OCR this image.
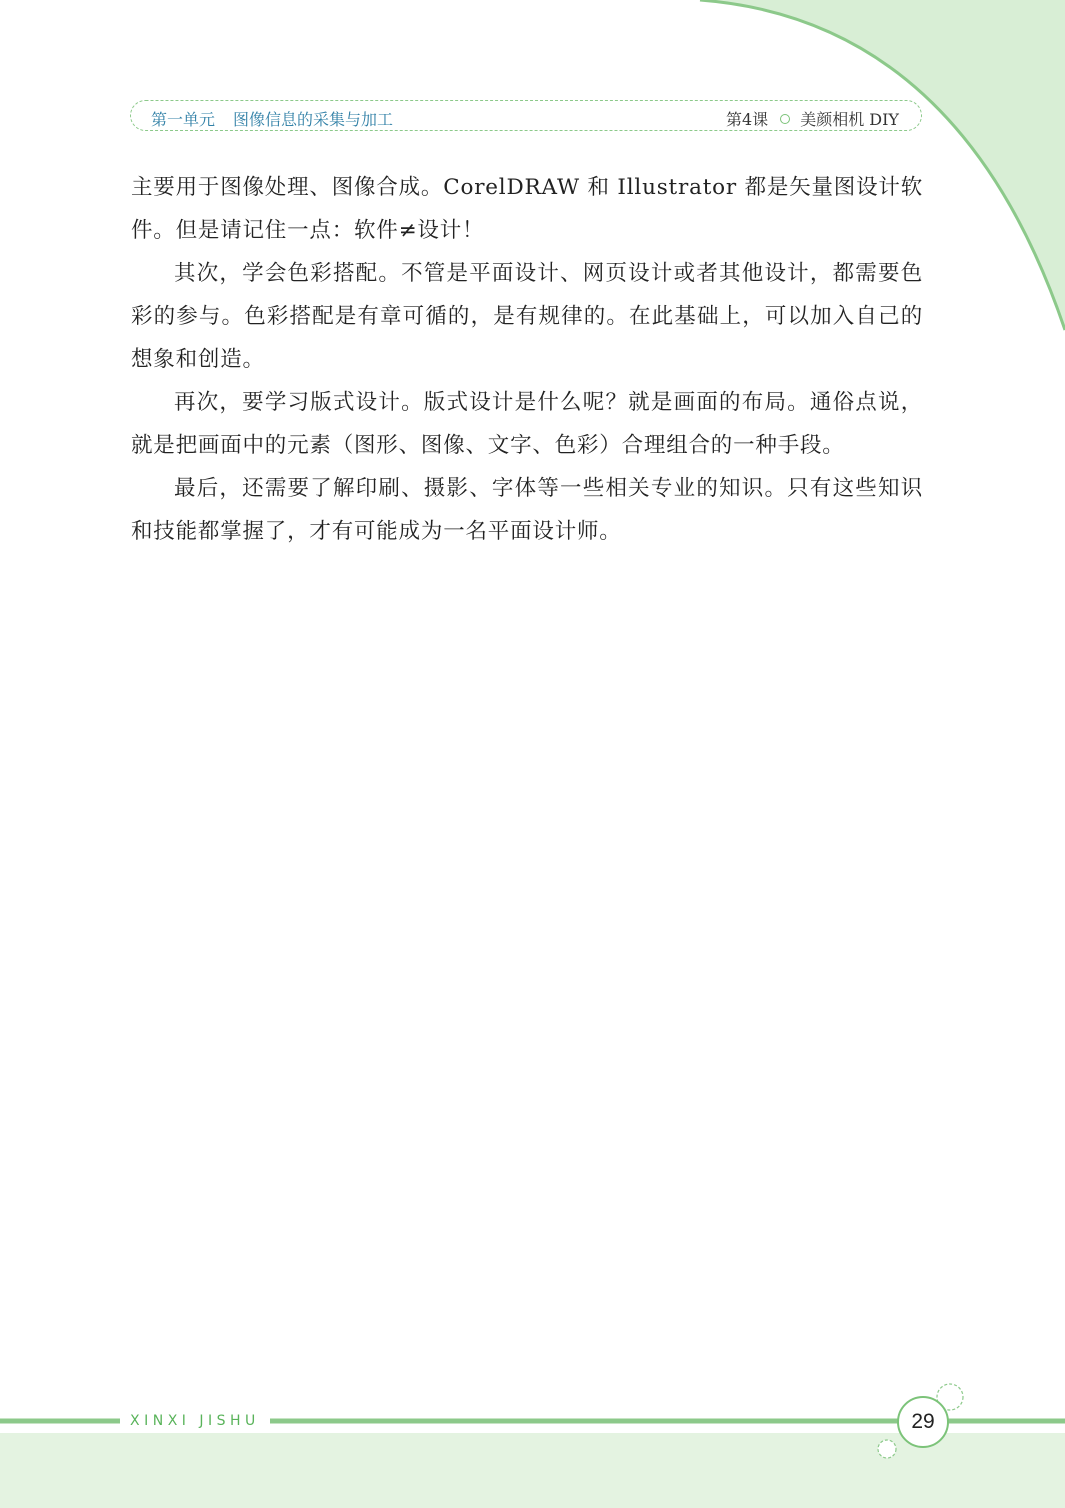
第一单元 图像信息的采集与加工	第4课 美颜相机 DIY

主要用于图像处理、图像合成。CorelDRAW 和 Illustrator 都是矢量图设计软件。但是请记住一点：软件≠设计！

其次，学会色彩搭配。不管是平面设计、网页设计或者其他设计，都需要色彩的参与。色彩搭配是有章可循的，是有规律的。在此基础上，可以加入自己的想象和创造。

再次，要学习版式设计。版式设计是什么呢？就是画面的布局。通俗点说，就是把画面中的元素（图形、图像、文字、色彩）合理组合的一种手段。

最后，还需要了解印刷、摄影、字体等一些相关专业的知识。只有这些知识和技能都掌握了，才有可能成为一名平面设计师。

XINXI JISHU	29
